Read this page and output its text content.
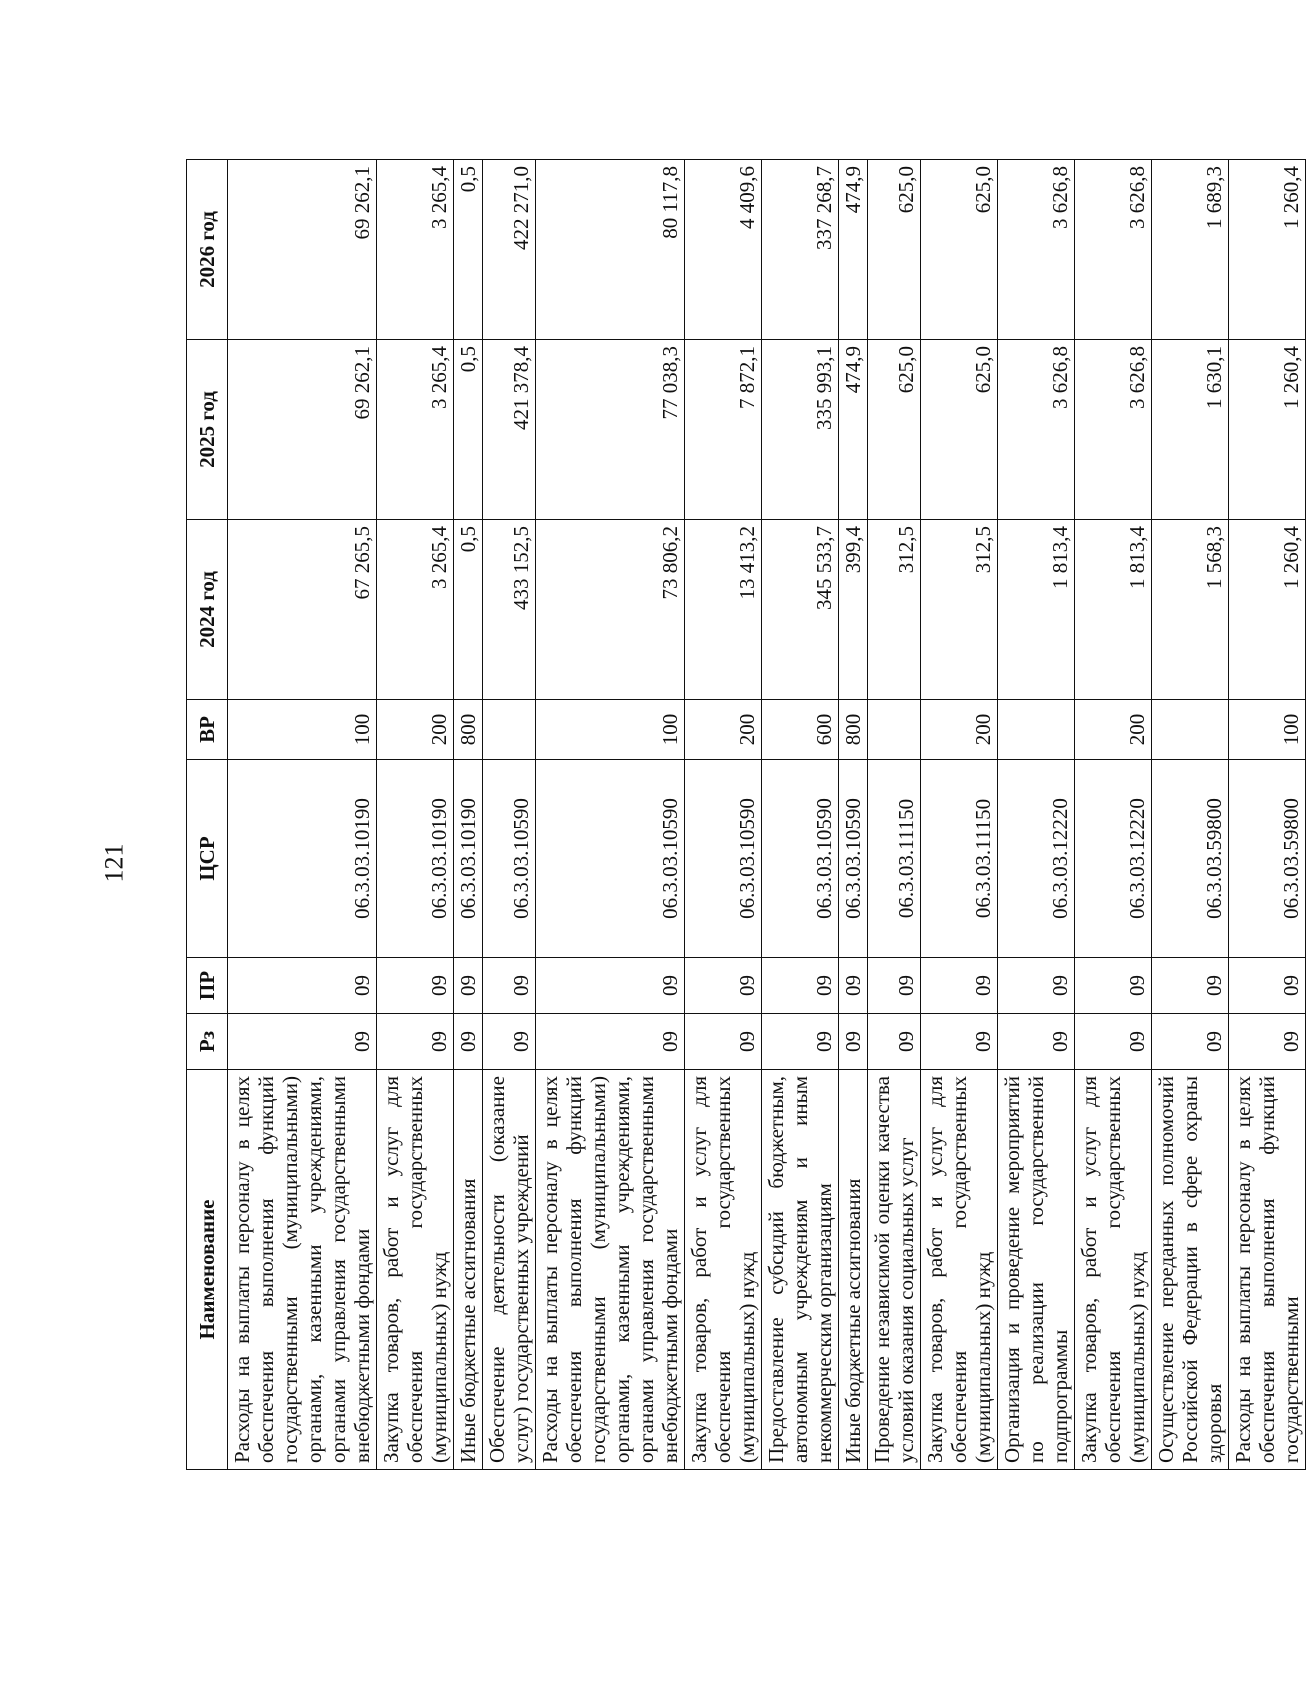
121
Наименование	Рз	ПР	ЦСР	ВР	2024 год	2025 год	2026 год
Расходы на выплаты персоналу в целях обеспечения выполнения функций государственными (муниципальными) органами, казенными учреждениями, органами управления государственными внебюджетными фондами	09	09	06.3.03.10190	100	67 265,5	69 262,1	69 262,1
Закупка товаров, работ и услуг для обеспечения государственных (муниципальных) нужд	09	09	06.3.03.10190	200	3 265,4	3 265,4	3 265,4
Иные бюджетные ассигнования	09	09	06.3.03.10190	800	0,5	0,5	0,5
Обеспечение деятельности (оказание услуг) государственных учреждений	09	09	06.3.03.10590		433 152,5	421 378,4	422 271,0
Расходы на выплаты персоналу в целях обеспечения выполнения функций государственными (муниципальными) органами, казенными учреждениями, органами управления государственными внебюджетными фондами	09	09	06.3.03.10590	100	73 806,2	77 038,3	80 117,8
Закупка товаров, работ и услуг для обеспечения государственных (муниципальных) нужд	09	09	06.3.03.10590	200	13 413,2	7 872,1	4 409,6
Предоставление субсидий бюджетным, автономным учреждениям и иным некоммерческим организациям	09	09	06.3.03.10590	600	345 533,7	335 993,1	337 268,7
Иные бюджетные ассигнования	09	09	06.3.03.10590	800	399,4	474,9	474,9
Проведение независимой оценки качества условий оказания социальных услуг	09	09	06.3.03.11150		312,5	625,0	625,0
Закупка товаров, работ и услуг для обеспечения государственных (муниципальных) нужд	09	09	06.3.03.11150	200	312,5	625,0	625,0
Организация и проведение мероприятий по реализации государственной подпрограммы	09	09	06.3.03.12220		1 813,4	3 626,8	3 626,8
Закупка товаров, работ и услуг для обеспечения государственных (муниципальных) нужд	09	09	06.3.03.12220	200	1 813,4	3 626,8	3 626,8
Осуществление переданных полномочий Российской Федерации в сфере охраны здоровья	09	09	06.3.03.59800		1 568,3	1 630,1	1 689,3
Расходы на выплаты персоналу в целях обеспечения выполнения функций государственными	09	09	06.3.03.59800	100	1 260,4	1 260,4	1 260,4
